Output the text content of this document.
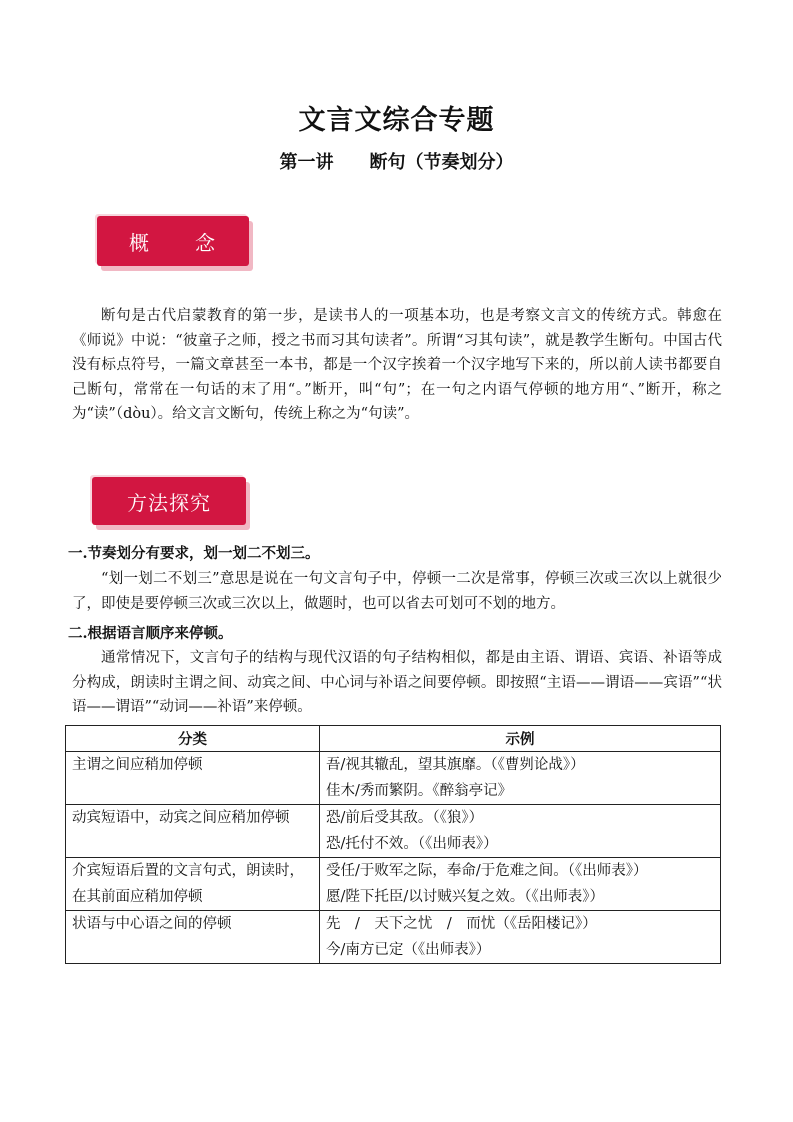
文言文综合专题
第一讲 断句（节奏划分）
概　　念

断句是古代启蒙教育的第一步，是读书人的一项基本功，也是考察文言文的传统方式。韩愈在《师说》中说：“彼童子之师，授之书而习其句读者”。所谓“习其句读”，就是教学生断句。中国古代没有标点符号，一篇文章甚至一本书，都是一个汉字挨着一个汉字地写下来的，所以前人读书都要自己断句，常常在一句话的末了用“。”断开，叫“句”；在一句之内语气停顿的地方用“、”断开，称之为“读”（dòu）。给文言文断句，传统上称之为“句读”。

方法探究
一.节奏划分有要求，划一划二不划三。

“划一划二不划三”意思是说在一句文言句子中，停顿一二次是常事，停顿三次或三次以上就很少了，即使是要停顿三次或三次以上，做题时，也可以省去可划可不划的地方。

二.根据语言顺序来停顿。

通常情况下，文言句子的结构与现代汉语的句子结构相似，都是由主语、谓语、宾语、补语等成分构成，朗读时主谓之间、动宾之间、中心词与补语之间要停顿。即按照“主语——谓语——宾语”“状语——谓语”“动词——补语”来停顿。

分类	示例
主谓之间应稍加停顿	吾/视其辙乱，望其旗靡。（《曹刿论战》）
佳木/秀而繁阴。《醉翁亭记》

动宾短语中，动宾之间应稍加停顿	恐/前后受其敌。（《狼》）
恐/托付不效。（《出师表》）

介宾短语后置的文言句式，朗读时，在其前面应稍加停顿	受任/于败军之际，奉命/于危难之间。（《出师表》）
愿/陛下托臣/以讨贼兴复之效。（《出师表》）

状语与中心语之间的停顿	先　/　天下之忧　/　而忧（《岳阳楼记》）
今/南方已定（《出师表》）
